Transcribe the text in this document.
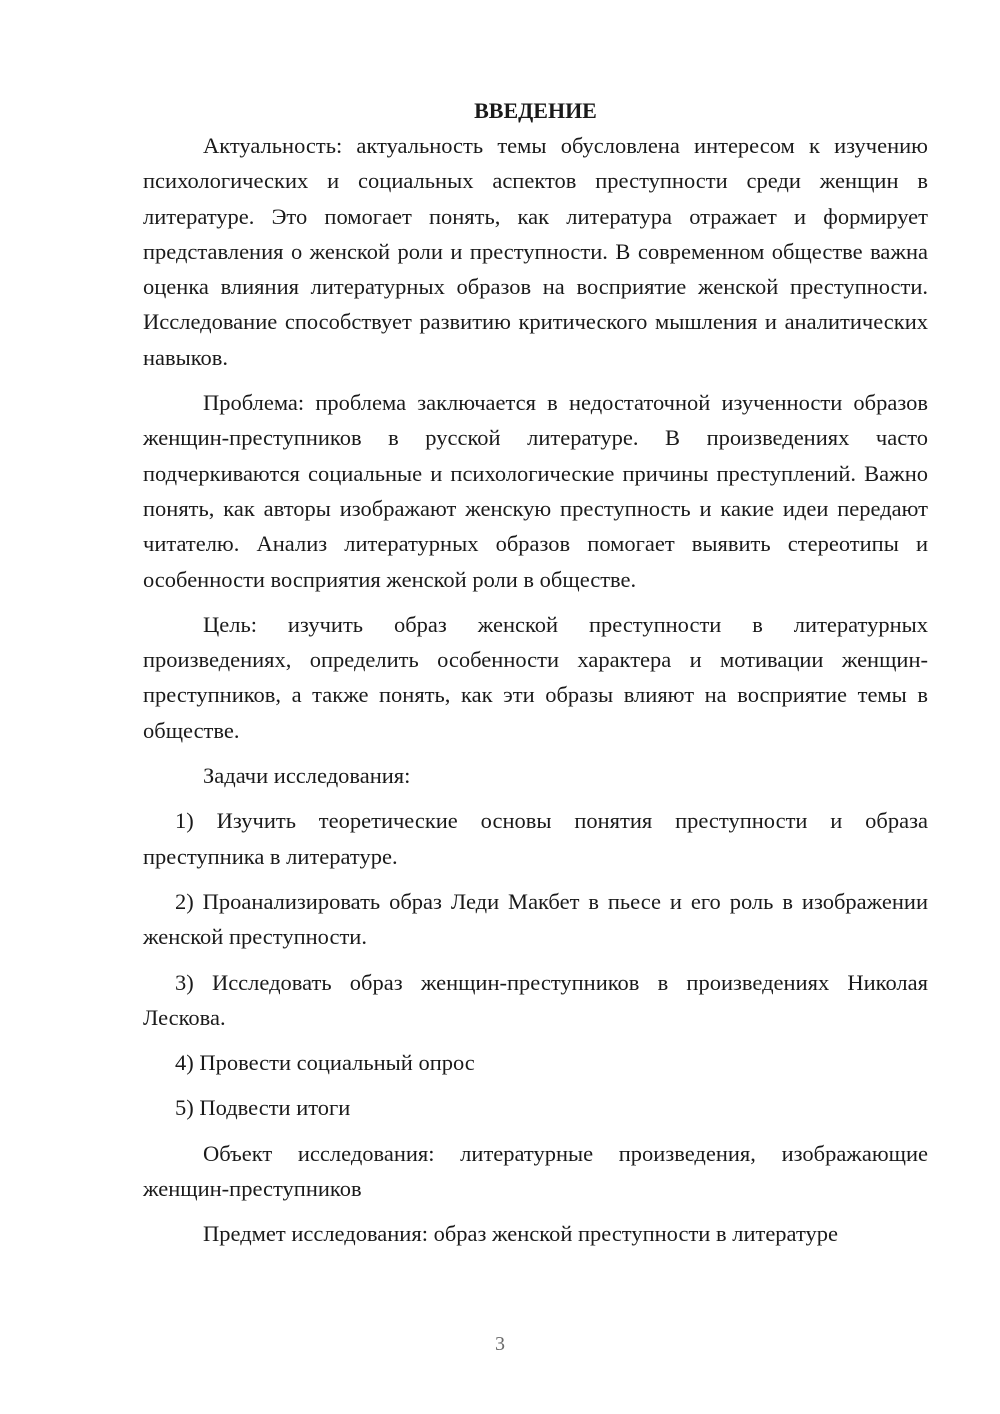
ВВЕДЕНИЕ

Актуальность: актуальность темы обусловлена интересом к изучению психологических и социальных аспектов преступности среди женщин в литературе. Это помогает понять, как литература отражает и формирует представления о женской роли и преступности. В современном обществе важна оценка влияния литературных образов на восприятие женской преступности. Исследование способствует развитию критического мышления и аналитических навыков.

Проблема: проблема заключается в недостаточной изученности образов женщин-преступников в русской литературе. В произведениях часто подчеркиваются социальные и психологические причины преступлений. Важно понять, как авторы изображают женскую преступность и какие идеи передают читателю. Анализ литературных образов помогает выявить стереотипы и особенности восприятия женской роли в обществе.

Цель: изучить образ женской преступности в литературных произведениях, определить особенности характера и мотивации женщин-преступников, а также понять, как эти образы влияют на восприятие темы в обществе.

Задачи исследования:

1) Изучить теоретические основы понятия преступности и образа преступника в литературе.

2) Проанализировать образ Леди Макбет в пьесе и его роль в изображении женской преступности.

3) Исследовать образ женщин-преступников в произведениях Николая Лескова.

4) Провести социальный опрос

5) Подвести итоги

Объект исследования: литературные произведения, изображающие женщин-преступников

Предмет исследования: образ женской преступности в литературе

3
